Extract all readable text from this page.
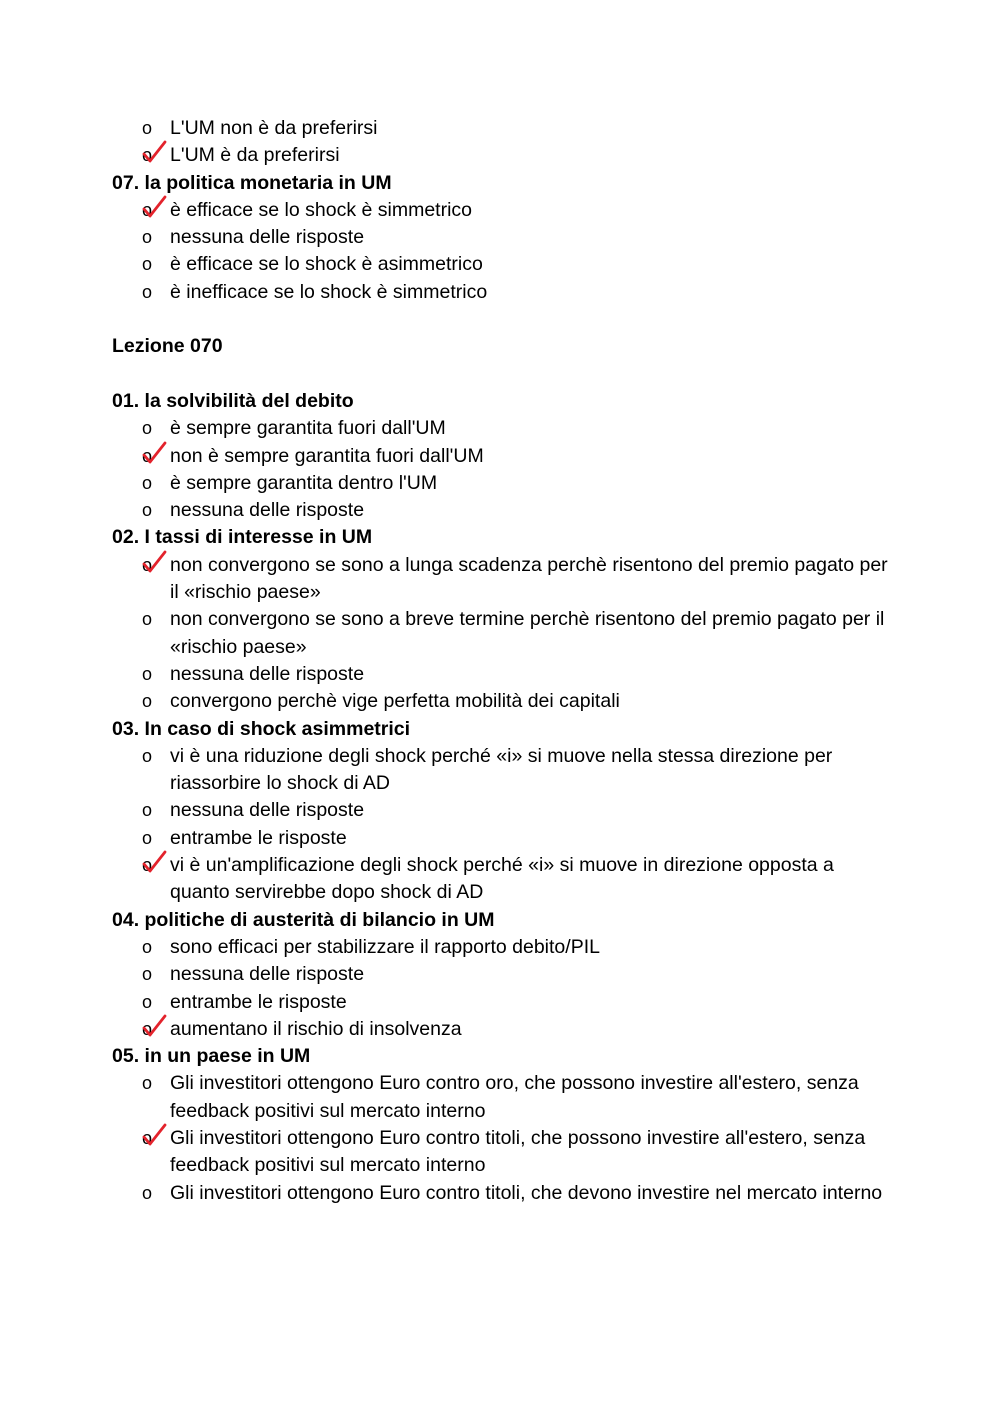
o L'UM non è da preferirsi
o L'UM è da preferirsi
07. la politica monetaria in UM
o è efficace se lo shock è simmetrico
o nessuna delle risposte
o è efficace se lo shock è asimmetrico
o è inefficace se lo shock è simmetrico
Lezione 070
01. la solvibilità del debito
o è sempre garantita fuori dall'UM
o non è sempre garantita fuori dall'UM
o è sempre garantita dentro l'UM
o nessuna delle risposte
02. I tassi di interesse in UM
o non convergono se sono a lunga scadenza perchè risentono del premio pagato per il «rischio paese»
o non convergono se sono a breve termine perchè risentono del premio pagato per il «rischio paese»
o nessuna delle risposte
o convergono perchè vige perfetta mobilità dei capitali
03. In caso di shock asimmetrici
o vi è una riduzione degli shock perché «i» si muove nella stessa direzione per riassorbire lo shock di AD
o nessuna delle risposte
o entrambe le risposte
o vi è un'amplificazione degli shock perché «i» si muove in direzione opposta a quanto servirebbe dopo shock di AD
04. politiche di austerità di bilancio in UM
o sono efficaci per stabilizzare il rapporto debito/PIL
o nessuna delle risposte
o entrambe le risposte
o aumentano il rischio di insolvenza
05. in un paese in UM
o Gli investitori ottengono Euro contro oro, che possono investire all'estero, senza feedback positivi sul mercato interno
o Gli investitori ottengono Euro contro titoli, che possono investire all'estero, senza feedback positivi sul mercato interno
o Gli investitori ottengono Euro contro titoli, che devono investire nel mercato interno
